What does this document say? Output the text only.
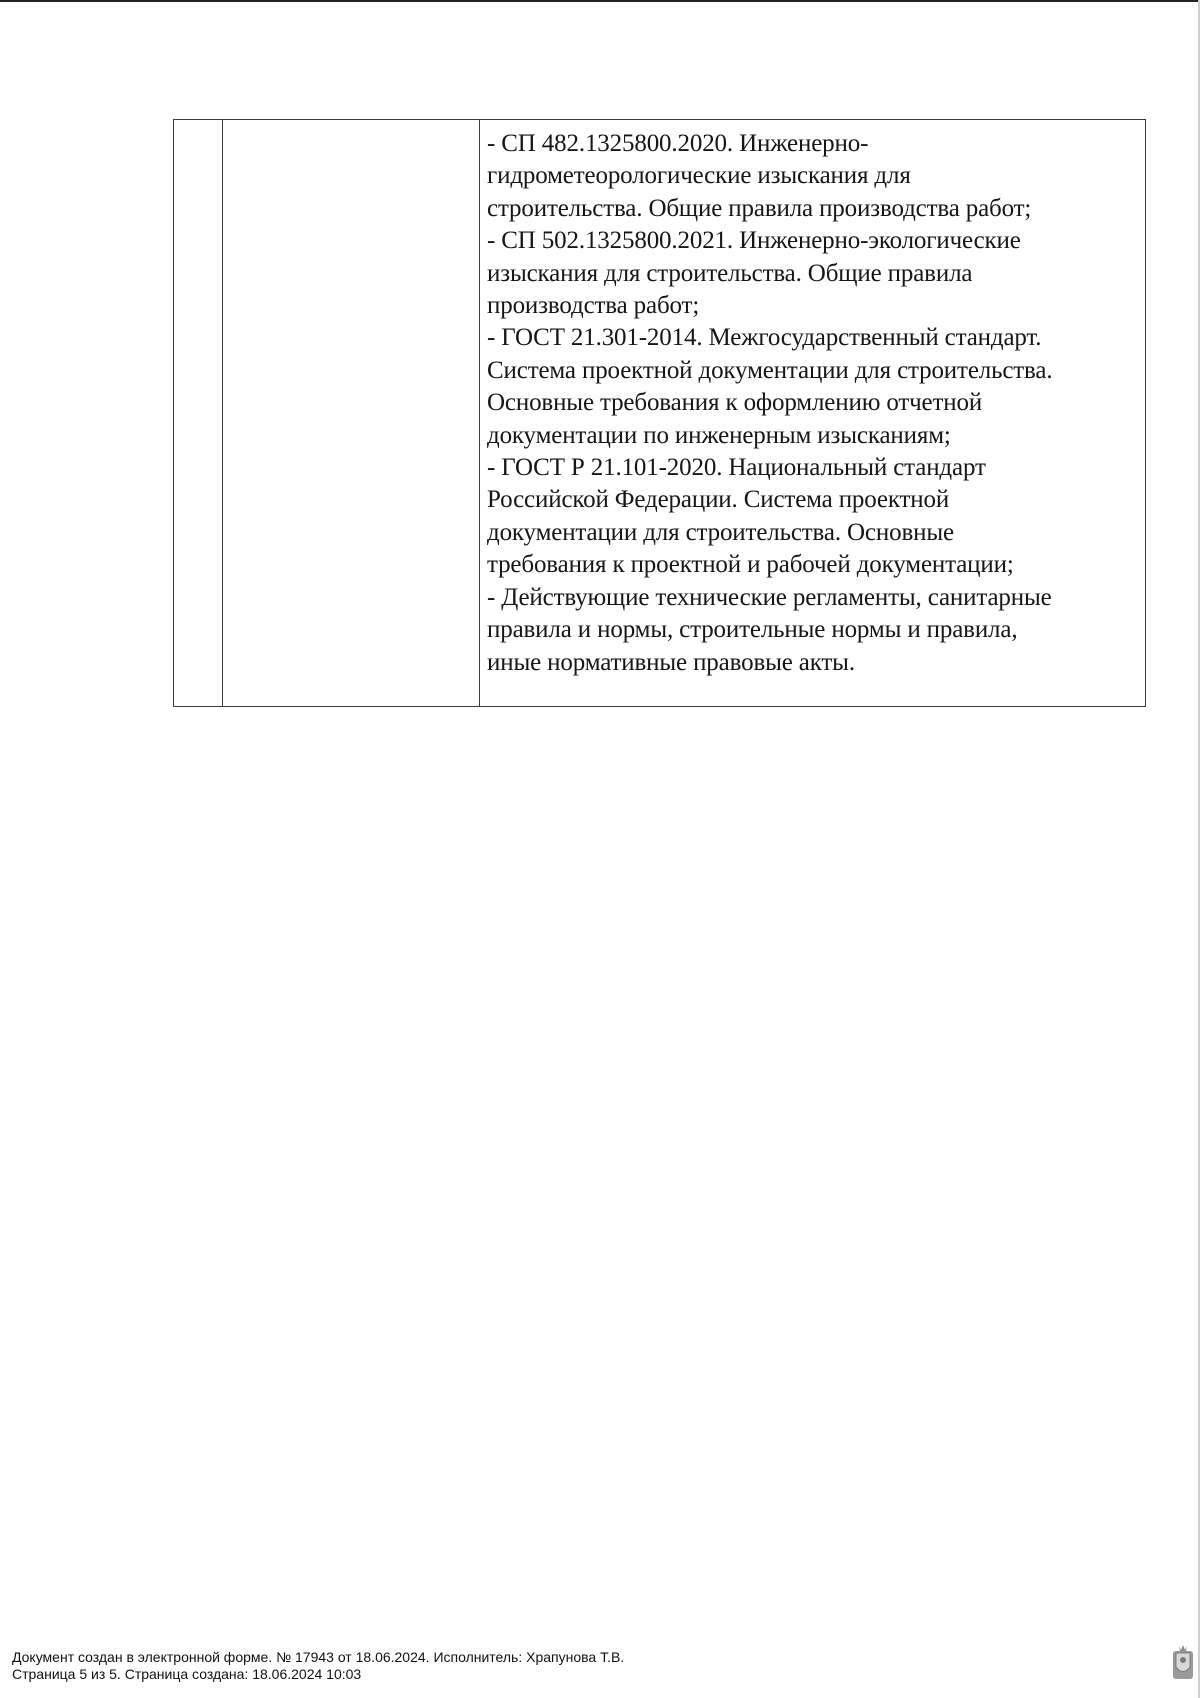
- СП 482.1325800.2020. Инженерно-
гидрометеорологические изыскания для
строительства. Общие правила производства работ;
- СП 502.1325800.2021. Инженерно-экологические
изыскания для строительства. Общие правила
производства работ;
- ГОСТ 21.301-2014. Межгосударственный стандарт.
Система проектной документации для строительства.
Основные требования к оформлению отчетной
документации по инженерным изысканиям;
- ГОСТ Р 21.101-2020. Национальный стандарт
Российской Федерации. Система проектной
документации для строительства. Основные
требования к проектной и рабочей документации;
- Действующие технические регламенты, санитарные
правила и нормы, строительные нормы и правила,
иные нормативные правовые акты.
Документ создан в электронной форме. № 17943 от 18.06.2024. Исполнитель: Храпунова Т.В.
Страница 5 из 5. Страница создана: 18.06.2024 10:03
